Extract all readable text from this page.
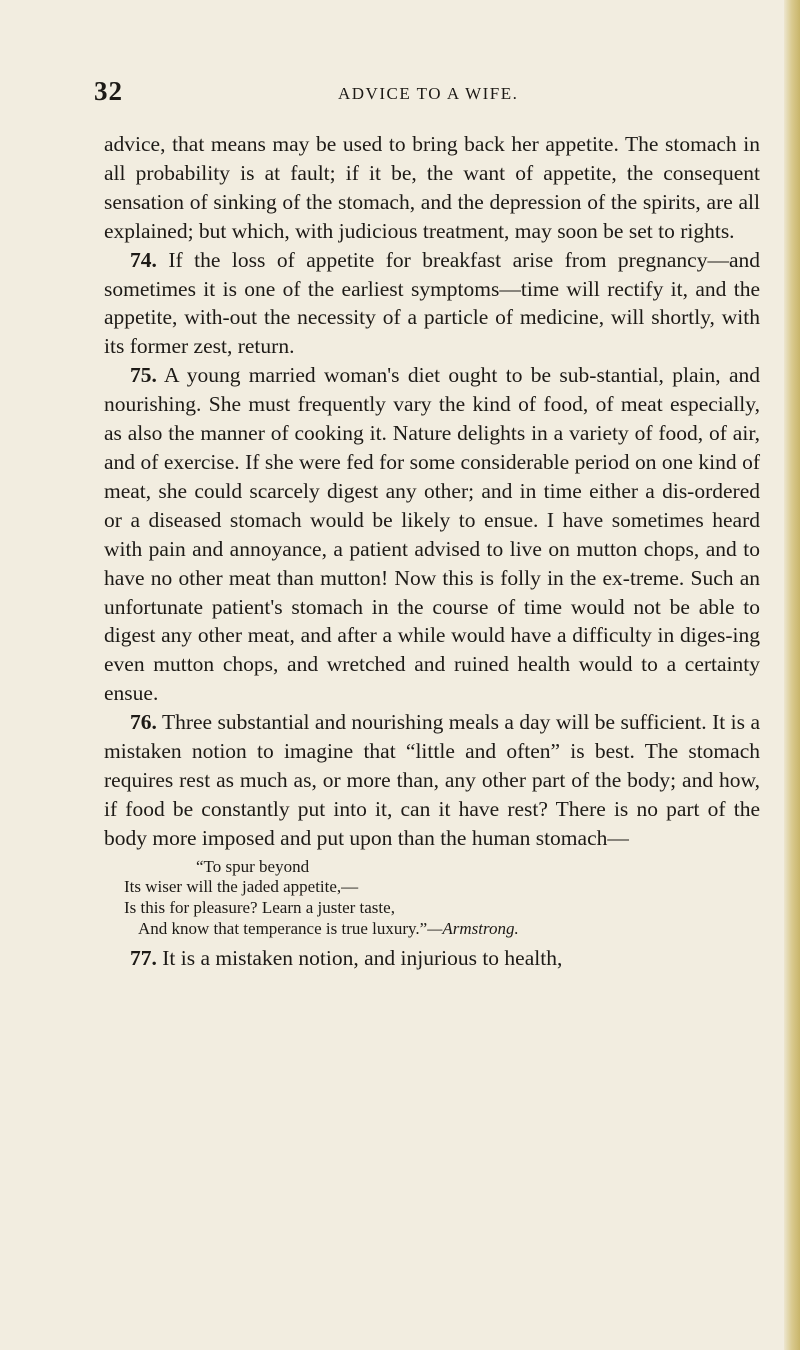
32	ADVICE TO A WIFE.

advice, that means may be used to bring back her appetite. The stomach in all probability is at fault; if it be, the want of appetite, the consequent sensation of sinking of the stomach, and the depression of the spirits, are all explained; but which, with judicious treatment, may soon be set to rights.

74. If the loss of appetite for breakfast arise from pregnancy—and sometimes it is one of the earliest symptoms—time will rectify it, and the appetite, with-out the necessity of a particle of medicine, will shortly, with its former zest, return.

75. A young married woman's diet ought to be sub-stantial, plain, and nourishing. She must frequently vary the kind of food, of meat especially, as also the manner of cooking it. Nature delights in a variety of food, of air, and of exercise. If she were fed for some considerable period on one kind of meat, she could scarcely digest any other; and in time either a dis-ordered or a diseased stomach would be likely to ensue. I have sometimes heard with pain and annoyance, a patient advised to live on mutton chops, and to have no other meat than mutton! Now this is folly in the ex-treme. Such an unfortunate patient's stomach in the course of time would not be able to digest any other meat, and after a while would have a difficulty in diges-ing even mutton chops, and wretched and ruined health would to a certainty ensue.

76. Three substantial and nourishing meals a day will be sufficient. It is a mistaken notion to imagine that “little and often” is best. The stomach requires rest as much as, or more than, any other part of the body; and how, if food be constantly put into it, can it have rest? There is no part of the body more imposed and put upon than the human stomach—

“To spur beyond
Its wiser will the jaded appetite,—
Is this for pleasure? Learn a juster taste,
And know that temperance is true luxury.”—Armstrong.

77. It is a mistaken notion, and injurious to health,
